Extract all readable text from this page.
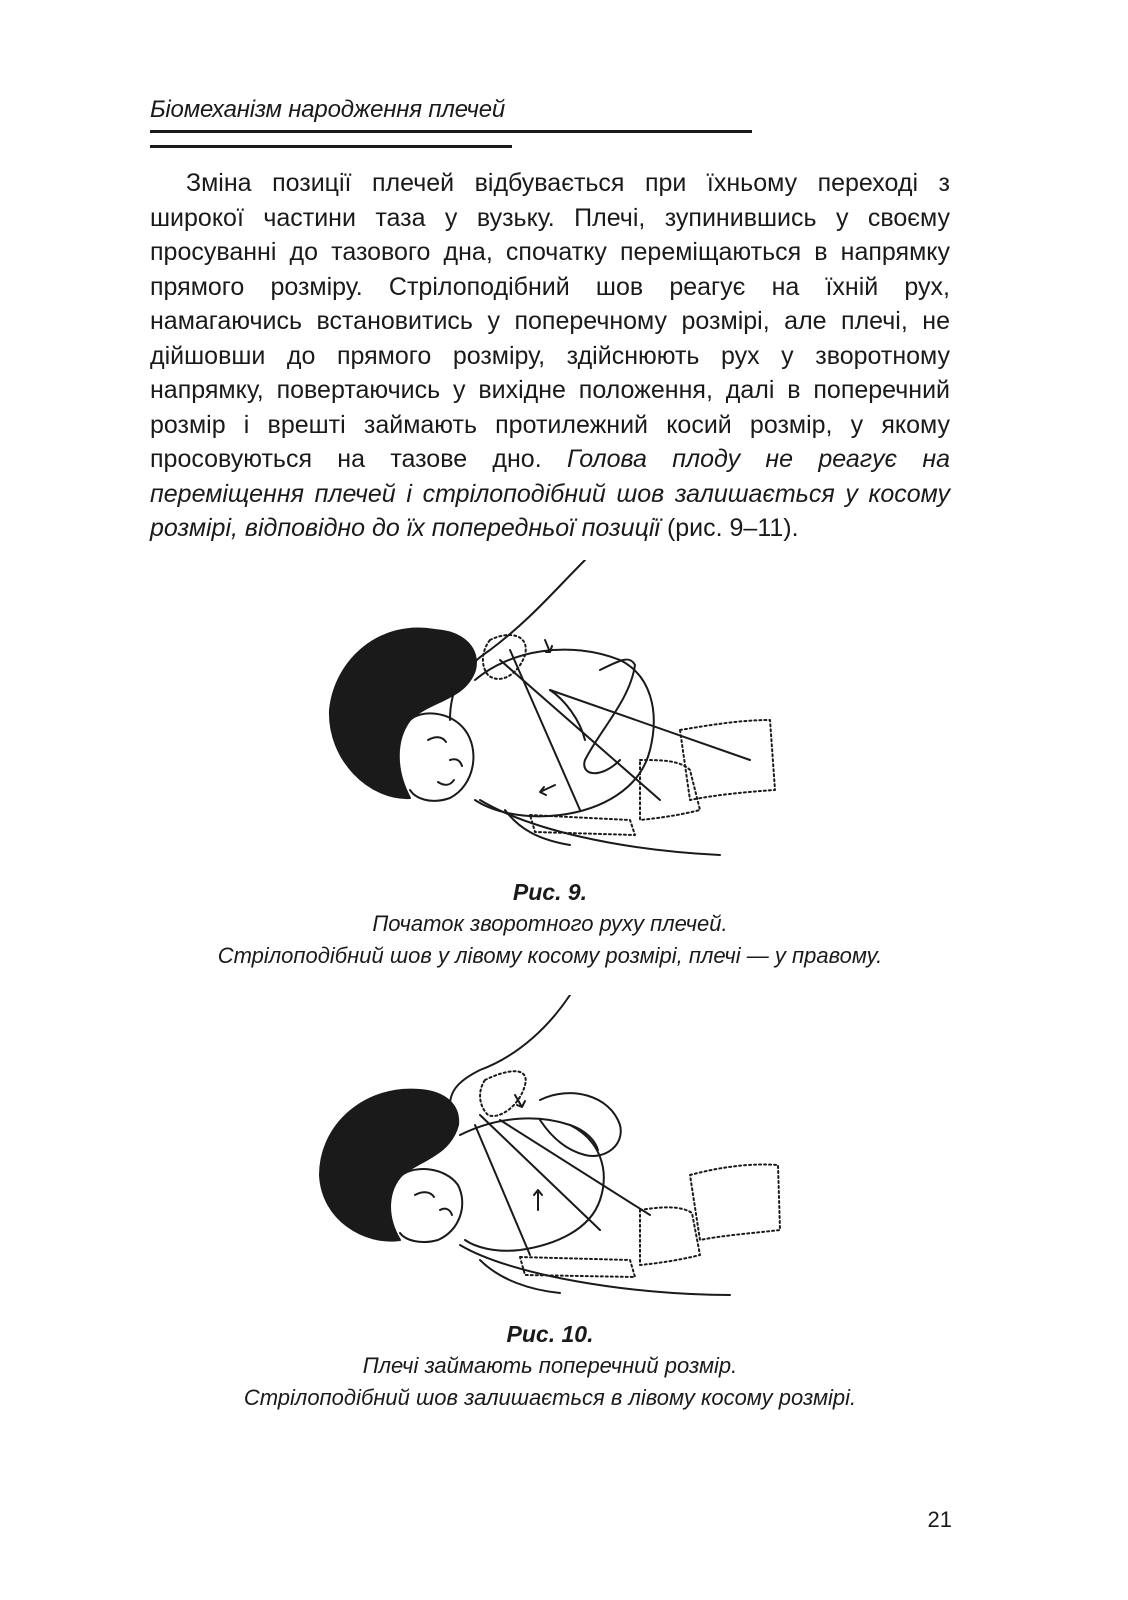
Біомеханізм народження плечей

Зміна позиції плечей відбувається при їхньому переході з широкої частини таза у вузьку. Плечі, зупинившись у своєму просуванні до тазового дна, спочатку переміщаються в напрямку прямого розміру. Стрілоподібний шов реагує на їхній рух, намагаючись встановитись у поперечному розмірі, але плечі, не дійшовши до прямого розміру, здійснюють рух у зворотному напрямку, повертаючись у вихідне положення, далі в поперечний розмір і врешті займають протилежний косий розмір, у якому просовуються на тазове дно. Голова плоду не реагує на переміщення плечей і стрілоподібний шов залишається у косому розмірі, відповідно до їх попередньої позиції (рис. 9–11).

Рис. 9.
Початок зворотного руху плечей.
Стрілоподібний шов у лівому косому розмірі, плечі — у правому.
Рис. 10.
Плечі займають поперечний розмір.
Стрілоподібний шов залишається в лівому косому розмірі.
21
